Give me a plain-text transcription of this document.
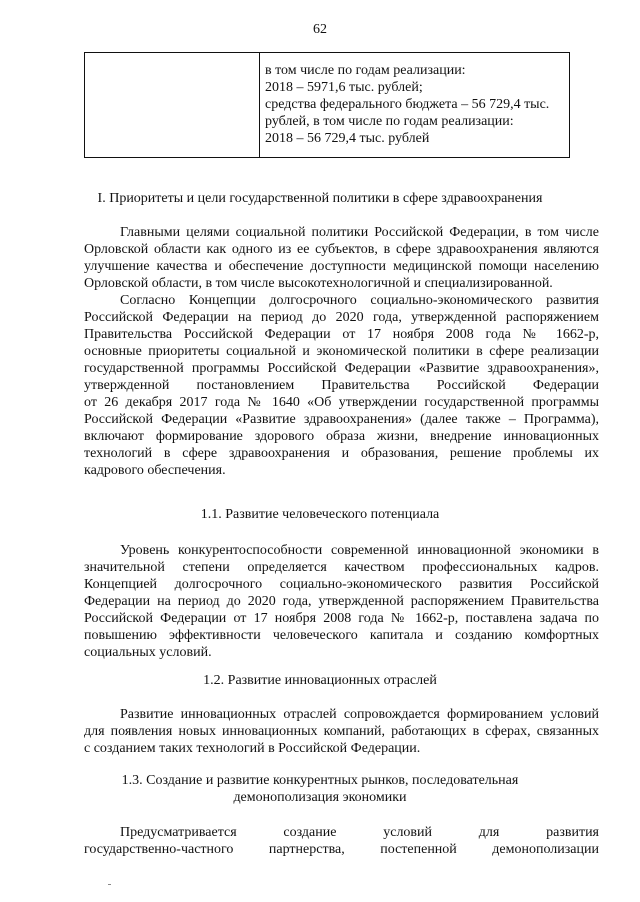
62
в том числе по годам реализации:
2018 – 5971,6 тыс. рублей;
средства федерального бюджета – 56 729,4 тыс.
рублей, в том числе по годам реализации:
2018 – 56 729,4 тыс. рублей
I. Приоритеты и цели государственной политики в сфере здравоохранения
Главными целями социальной политики Российской Федерации, в том числе
Орловской области как одного из ее субъектов, в сфере здравоохранения являются
улучшение качества и обеспечение доступности медицинской помощи населению
Орловской области, в том числе высокотехнологичной и специализированной.
Согласно Концепции долгосрочного социально-экономического развития
Российской Федерации на период до 2020 года, утвержденной распоряжением
Правительства Российской Федерации от 17 ноября 2008 года № 1662-р,
основные приоритеты социальной и экономической политики в сфере реализации
государственной программы Российской Федерации «Развитие здравоохранения»,
утвержденной постановлением Правительства Российской Федерации
от 26 декабря 2017 года № 1640 «Об утверждении государственной программы
Российской Федерации «Развитие здравоохранения» (далее также – Программа),
включают формирование здорового образа жизни, внедрение инновационных
технологий в сфере здравоохранения и образования, решение проблемы их
кадрового обеспечения.
1.1. Развитие человеческого потенциала
Уровень конкурентоспособности современной инновационной экономики в
значительной степени определяется качеством профессиональных кадров.
Концепцией долгосрочного социально-экономического развития Российской
Федерации на период до 2020 года, утвержденной распоряжением Правительства
Российской Федерации от 17 ноября 2008 года № 1662-р, поставлена задача по
повышению эффективности человеческого капитала и созданию комфортных
социальных условий.
1.2. Развитие инновационных отраслей
Развитие инновационных отраслей сопровождается формированием условий
для появления новых инновационных компаний, работающих в сферах, связанных
с созданием таких технологий в Российской Федерации.
1.3. Создание и развитие конкурентных рынков, последовательная
демонополизация экономики
Предусматривается создание условий для развития
государственно-частного партнерства, постепенной демонополизации
